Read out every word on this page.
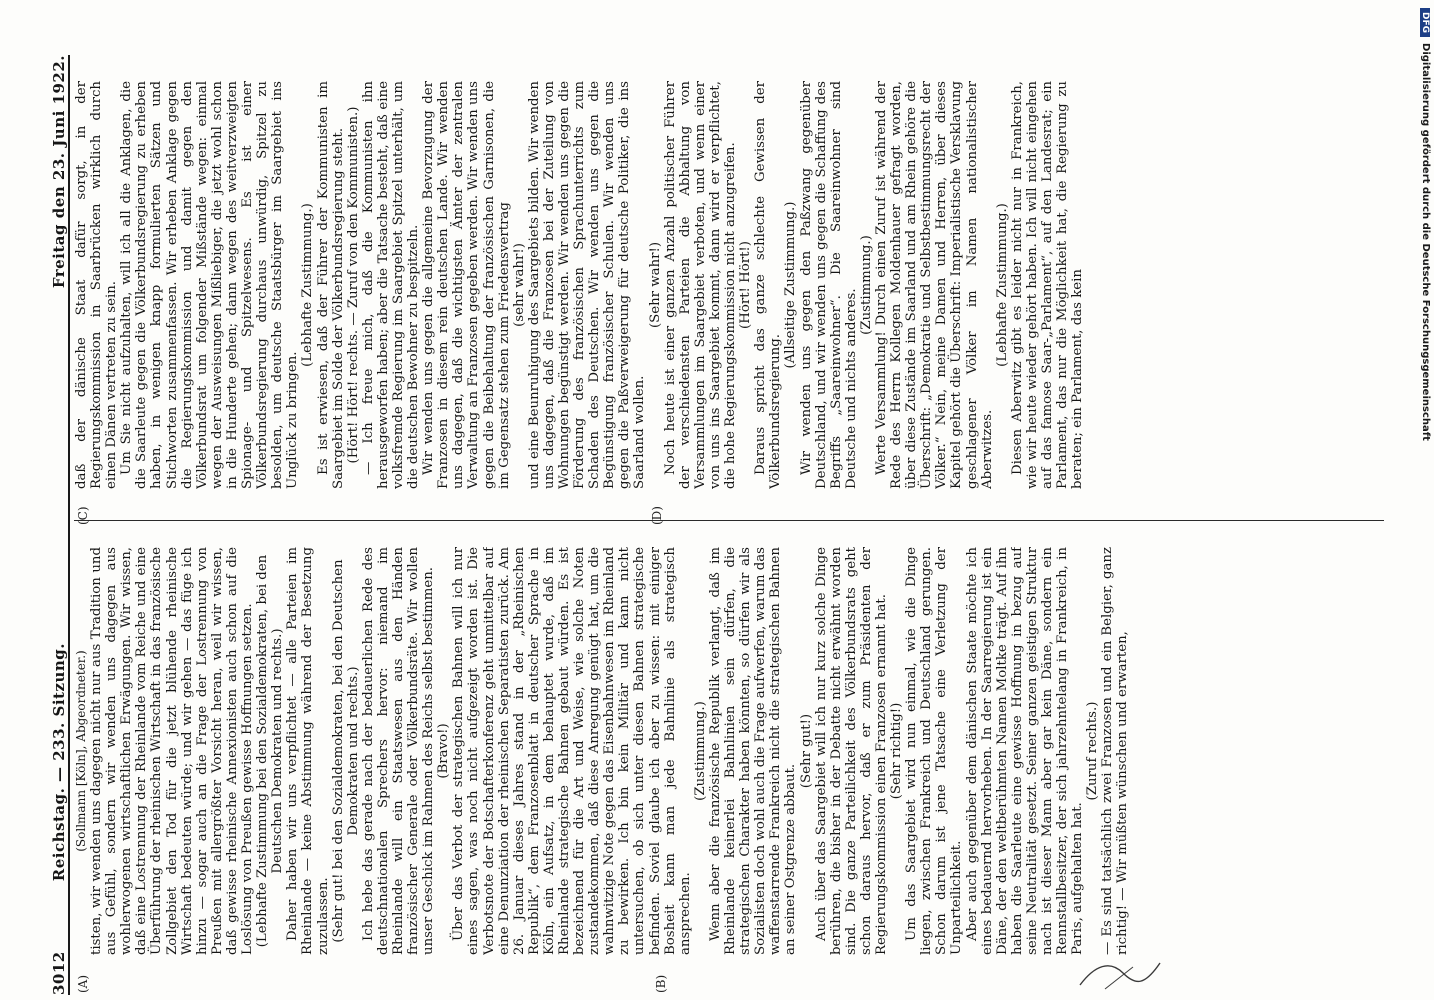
3012
Reichstag. — 233. Sitzung.
Freitag den 23. Juni 1922.
(A)	(B)
(C)	(D)

(Sollmann [Köln], Abgeordneter.) tisten, wir wenden uns dagegen nicht nur aus Tradition und aus Gefühl, sondern wir wenden uns dagegen aus wohlerwogenen wirtschaftlichen Erwägungen. Wir wissen, daß eine Lostrennung der Rheinlande vom Reiche und eine Überführung der rheinischen Wirtschaft in das französische Zollgebiet den Tod für die jetzt blühende rheinische Wirtschaft bedeuten würde; und wir gehen — das füge ich hinzu — sogar auch an die Frage der Lostrennung von Preußen mit allergrößter Vorsicht heran, weil wir wissen, daß gewisse rheinische Annexionisten auch schon auf die Loslösung von Preußen gewisse Hoffnungen setzen. (Lebhafte Zustimmung bei den Sozialdemokraten, bei den Deutschen Demokraten und rechts.) Daher haben wir uns verpflichtet — alle Parteien im Rheinlande — keine Abstimmung während der Besetzung zuzulassen. (Sehr gut! bei den Sozialdemokraten, bei den Deutschen Demokraten und rechts.) Ich hebe das gerade nach der bedauerlichen Rede des deutschnationalen Sprechers hervor: niemand im Rheinlande will ein Staatswesen aus den Händen französischer Generale oder Völkerbundsräte. Wir wollen unser Geschick im Rahmen des Reichs selbst bestimmen. (Bravo!) Über das Verbot der strategischen Bahnen will ich nur eines sagen, was noch nicht aufgezeigt worden ist. Die Verbotsnote der Botschafterkonferenz geht unmittelbar auf eine Denunziation der rheinischen Separatisten zurück. Am 26. Januar dieses Jahres stand in der „Rheinischen Republik“, dem Franzosenblatt in deutscher Sprache in Köln, ein Aufsatz, in dem behauptet wurde, daß im Rheinlande strategische Bahnen gebaut würden. Es ist bezeichnend für die Art und Weise, wie solche Noten zustandekommen, daß diese Anregung genügt hat, um die wahnwitzige Note gegen das Eisenbahnwesen im Rheinland zu bewirken. Ich bin kein Militär und kann nicht untersuchen, ob sich unter diesen Bahnen strategische befinden. Soviel glaube ich aber zu wissen: mit einiger Bosheit kann man jede Bahnlinie als strategisch ansprechen.

(Zustimmung.) Wenn aber die französische Republik verlangt, daß im Rheinlande keinerlei Bahnlinien sein dürfen, die strategischen Charakter haben könnten, so dürfen wir als Sozialisten doch wohl auch die Frage aufwerfen, warum das waffenstarrende Frankreich nicht die strategischen Bahnen an seiner Ostgrenze abbaut.

(Sehr gut!) Auch über das Saargebiet will ich nur kurz solche Dinge berühren, die bisher in der Debatte nicht erwähnt worden sind. Die ganze Parteilichkeit des Völkerbundsrats geht schon daraus hervor, daß er zum Präsidenten der Regierungskommission einen Franzosen ernannt hat. (Sehr richtig!) Um das Saargebiet wird nun einmal, wie die Dinge liegen, zwischen Frankreich und Deutschland gerungen. Schon darum ist jene Tatsache eine Verletzung der Unparteilichkeit. Aber auch gegenüber dem dänischen Staate möchte ich eines bedauernd hervorheben. In der Saarregierung ist ein Däne, der den weltberühmten Namen Moltke trägt. Auf ihn haben die Saarleute eine gewisse Hoffnung in bezug auf seine Neutralität gesetzt. Seiner ganzen geistigen Struktur nach ist dieser Mann aber gar kein Däne, sondern ein Rennstallbesitzer, der sich jahrzehntelang in Frankreich, in Paris, aufgehalten hat.

(Zuruf rechts.) — Es sind tatsächlich zwei Franzosen und ein Belgier, ganz richtig! — Wir müßten wünschen und erwarten,

daß der dänische Staat dafür sorgt, in der Regierungskommission in Saarbrücken wirklich durch einen Dänen vertreten zu sein. Um Sie nicht aufzuhalten, will ich all die Anklagen, die die Saarleute gegen die Völkerbundsregierung zu erheben haben, in wenigen knapp formulierten Sätzen und Stichworten zusammenfassen. Wir erheben Anklage gegen die Regierungskommission und damit gegen den Völkerbundsrat um folgender Mißstände wegen: einmal wegen der Ausweisungen Mißliebiger, die jetzt wohl schon in die Hunderte gehen; dann wegen des weitverzweigten Spionage- und Spitzelwesens. Es ist einer Völkerbundsregierung durchaus unwürdig, Spitzel zu besolden, um deutsche Staatsbürger im Saargebiet ins Unglück zu bringen.

(Lebhafte Zustimmung.) Es ist erwiesen, daß der Führer der Kommunisten im Saargebiet im Solde der Völkerbundsregierung steht. (Hört! Hört! rechts. — Zuruf von den Kommunisten.) — Ich freue mich, daß die Kommunisten ihn herausgeworfen haben; aber die Tatsache besteht, daß eine volksfremde Regierung im Saargebiet Spitzel unterhält, um die deutschen Bewohner zu bespitzeln. Wir wenden uns gegen die allgemeine Bevorzugung der Franzosen in diesem rein deutschen Lande. Wir wenden uns dagegen, daß die wichtigsten Ämter der zentralen Verwaltung an Franzosen gegeben werden. Wir wenden uns gegen die Beibehaltung der französischen Garnisonen, die im Gegensatz stehen zum Friedensvertrag (sehr wahr!) und eine Beunruhigung des Saargebiets bilden. Wir wenden uns dagegen, daß die Franzosen bei der Zuteilung von Wohnungen begünstigt werden. Wir wenden uns gegen die Förderung des französischen Sprachunterrichts zum Schaden des Deutschen. Wir wenden uns gegen die Begünstigung französischer Schulen. Wir wenden uns gegen die Paßverweigerung für deutsche Politiker, die ins Saarland wollen.

(Sehr wahr!) Noch heute ist einer ganzen Anzahl politischer Führer der verschiedensten Parteien die Abhaltung von Versammlungen im Saargebiet verboten, und wenn einer von uns ins Saargebiet kommt, dann wird er verpflichtet, die hohe Regierungskommission nicht anzugreifen. (Hört! Hört!) Daraus spricht das ganze schlechte Gewissen der Völkerbundsregierung.

(Allseitige Zustimmung.) Wir wenden uns gegen den Paßzwang gegenüber Deutschland, und wir wenden uns gegen die Schaffung des Begriffs „Saareinwohner“. Die Saareinwohner sind Deutsche und nichts anderes.

(Zustimmung.) Werte Versammlung! Durch einen Zuruf ist während der Rede des Herrn Kollegen Moldenhauer gefragt worden, über diese Zustände im Saarland und am Rhein gehöre die Überschrift: „Demokratie und Selbstbestimmungsrecht der Völker.“ Nein, meine Damen und Herren, über dieses Kapitel gehört die Überschrift: Imperialistische Versklavung geschlagener Völker im Namen nationalistischer Aberwitzes.

(Lebhafte Zustimmung.) Diesen Aberwitz gibt es leider nicht nur in Frankreich, wie wir heute wieder gehört haben. Ich will nicht eingehen auf das famose Saar-„Parlament“, auf den Landesrat; ein Parlament, das nur die Möglichkeit hat, die Regierung zu beraten; ein Parlament, das kein

DFGDigitalisierung gefördert durch die Deutsche Forschungsgemeinschaft
